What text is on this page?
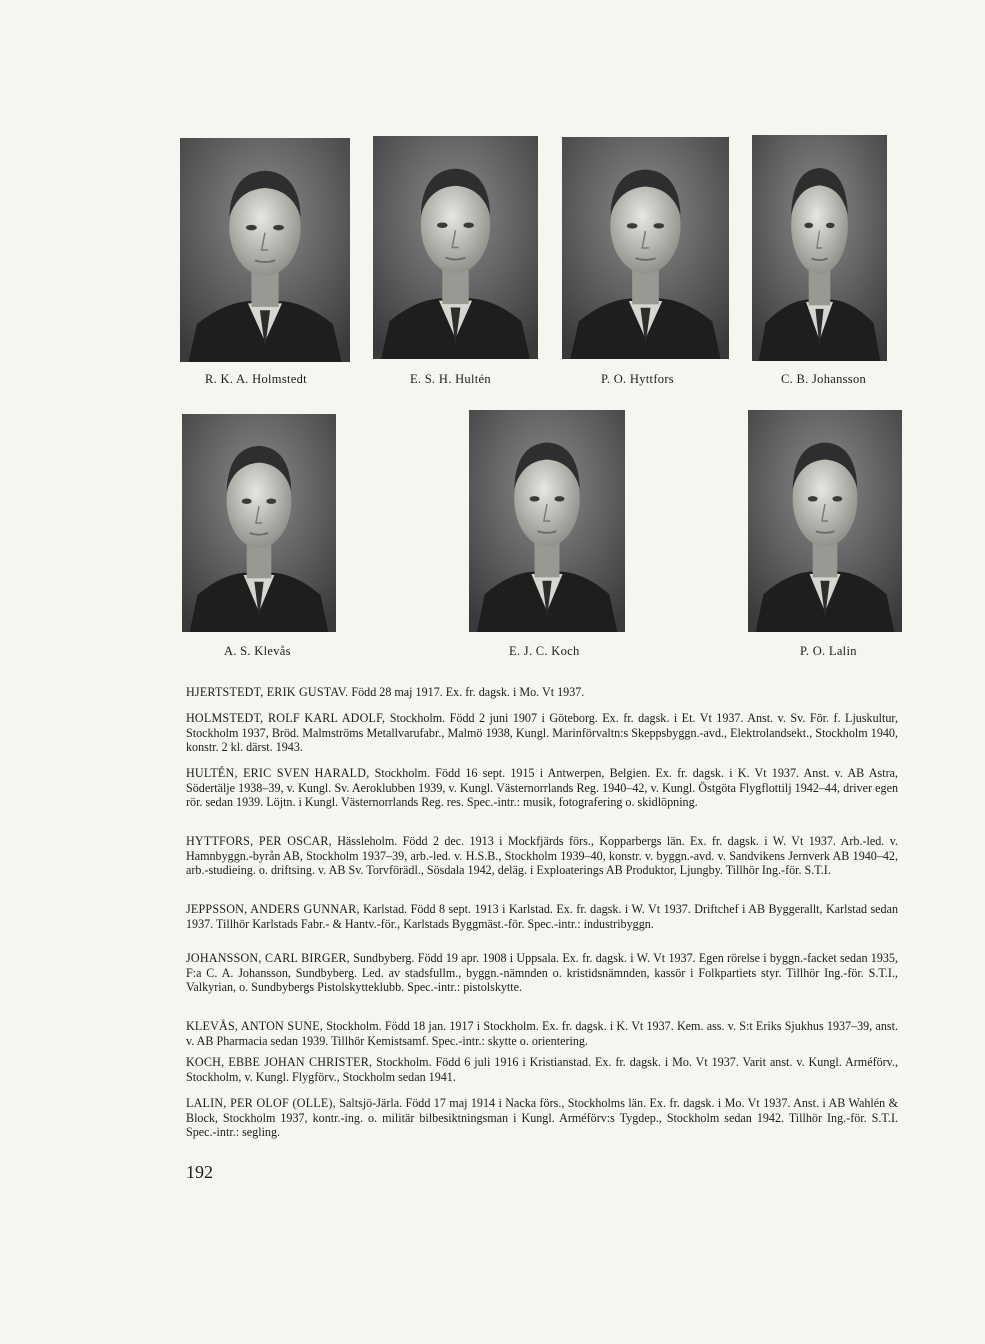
R. K. A. Holmstedt	E. S. H. Hultén	P. O. Hyttfors	C. B. Johansson
A. S. Klevås	E. J. C. Koch	P. O. Lalin

HJERTSTEDT, ERIK GUSTAV. Född 28 maj 1917. Ex. fr. dagsk. i Mo. Vt 1937.

HOLMSTEDT, ROLF KARL ADOLF, Stockholm. Född 2 juni 1907 i Göteborg. Ex. fr. dagsk. i Et. Vt 1937. Anst. v. Sv. För. f. Ljuskultur, Stockholm 1937, Bröd. Malmströms Metallvarufabr., Malmö 1938, Kungl. Marinförvaltn:s Skeppsbyggn.-avd., Elektrolandsekt., Stockholm 1940, konstr. 2 kl. därst. 1943.

HULTÉN, ERIC SVEN HARALD, Stockholm. Född 16 sept. 1915 i Antwerpen, Belgien. Ex. fr. dagsk. i K. Vt 1937. Anst. v. AB Astra, Södertälje 1938–39, v. Kungl. Sv. Aeroklubben 1939, v. Kungl. Västernorrlands Reg. 1940–42, v. Kungl. Östgöta Flygflottilj 1942–44, driver egen rör. sedan 1939. Löjtn. i Kungl. Västernorrlands Reg. res. Spec.-intr.: musik, fotografering o. skidlöpning.

HYTTFORS, PER OSCAR, Hässleholm. Född 2 dec. 1913 i Mockfjärds förs., Kopparbergs län. Ex. fr. dagsk. i W. Vt 1937. Arb.-led. v. Hamnbyggn.-byrån AB, Stockholm 1937–39, arb.-led. v. H.S.B., Stockholm 1939–40, konstr. v. byggn.-avd. v. Sandvikens Jernverk AB 1940–42, arb.-studieing. o. driftsing. v. AB Sv. Torvförädl., Sösdala 1942, deläg. i Exploaterings AB Produktor, Ljungby. Tillhör Ing.-för. S.T.I.

JEPPSSON, ANDERS GUNNAR, Karlstad. Född 8 sept. 1913 i Karlstad. Ex. fr. dagsk. i W. Vt 1937. Driftchef i AB Byggerallt, Karlstad sedan 1937. Tillhör Karlstads Fabr.- & Hantv.-för., Karlstads Byggmäst.-för. Spec.-intr.: industribyggn.

JOHANSSON, CARL BIRGER, Sundbyberg. Född 19 apr. 1908 i Uppsala. Ex. fr. dagsk. i W. Vt 1937. Egen rörelse i byggn.-facket sedan 1935, F:a C. A. Johansson, Sundbyberg. Led. av stadsfullm., byggn.-nämnden o. kristidsnämnden, kassör i Folkpartiets styr. Tillhör Ing.-för. S.T.I., Valkyrian, o. Sundbybergs Pistolskytteklubb. Spec.-intr.: pistolskytte.

KLEVÅS, ANTON SUNE, Stockholm. Född 18 jan. 1917 i Stockholm. Ex. fr. dagsk. i K. Vt 1937. Kem. ass. v. S:t Eriks Sjukhus 1937–39, anst. v. AB Pharmacia sedan 1939. Tillhör Kemistsamf. Spec.-intr.: skytte o. orientering.

KOCH, EBBE JOHAN CHRISTER, Stockholm. Född 6 juli 1916 i Kristianstad. Ex. fr. dagsk. i Mo. Vt 1937. Varit anst. v. Kungl. Arméförv., Stockholm, v. Kungl. Flygförv., Stockholm sedan 1941.

LALIN, PER OLOF (OLLE), Saltsjö-Järla. Född 17 maj 1914 i Nacka förs., Stockholms län. Ex. fr. dagsk. i Mo. Vt 1937. Anst. i AB Wahlén & Block, Stockholm 1937, kontr.-ing. o. militär bilbesiktningsman i Kungl. Arméförv:s Tygdep., Stockholm sedan 1942. Tillhör Ing.-för. S.T.I. Spec.-intr.: segling.

192
